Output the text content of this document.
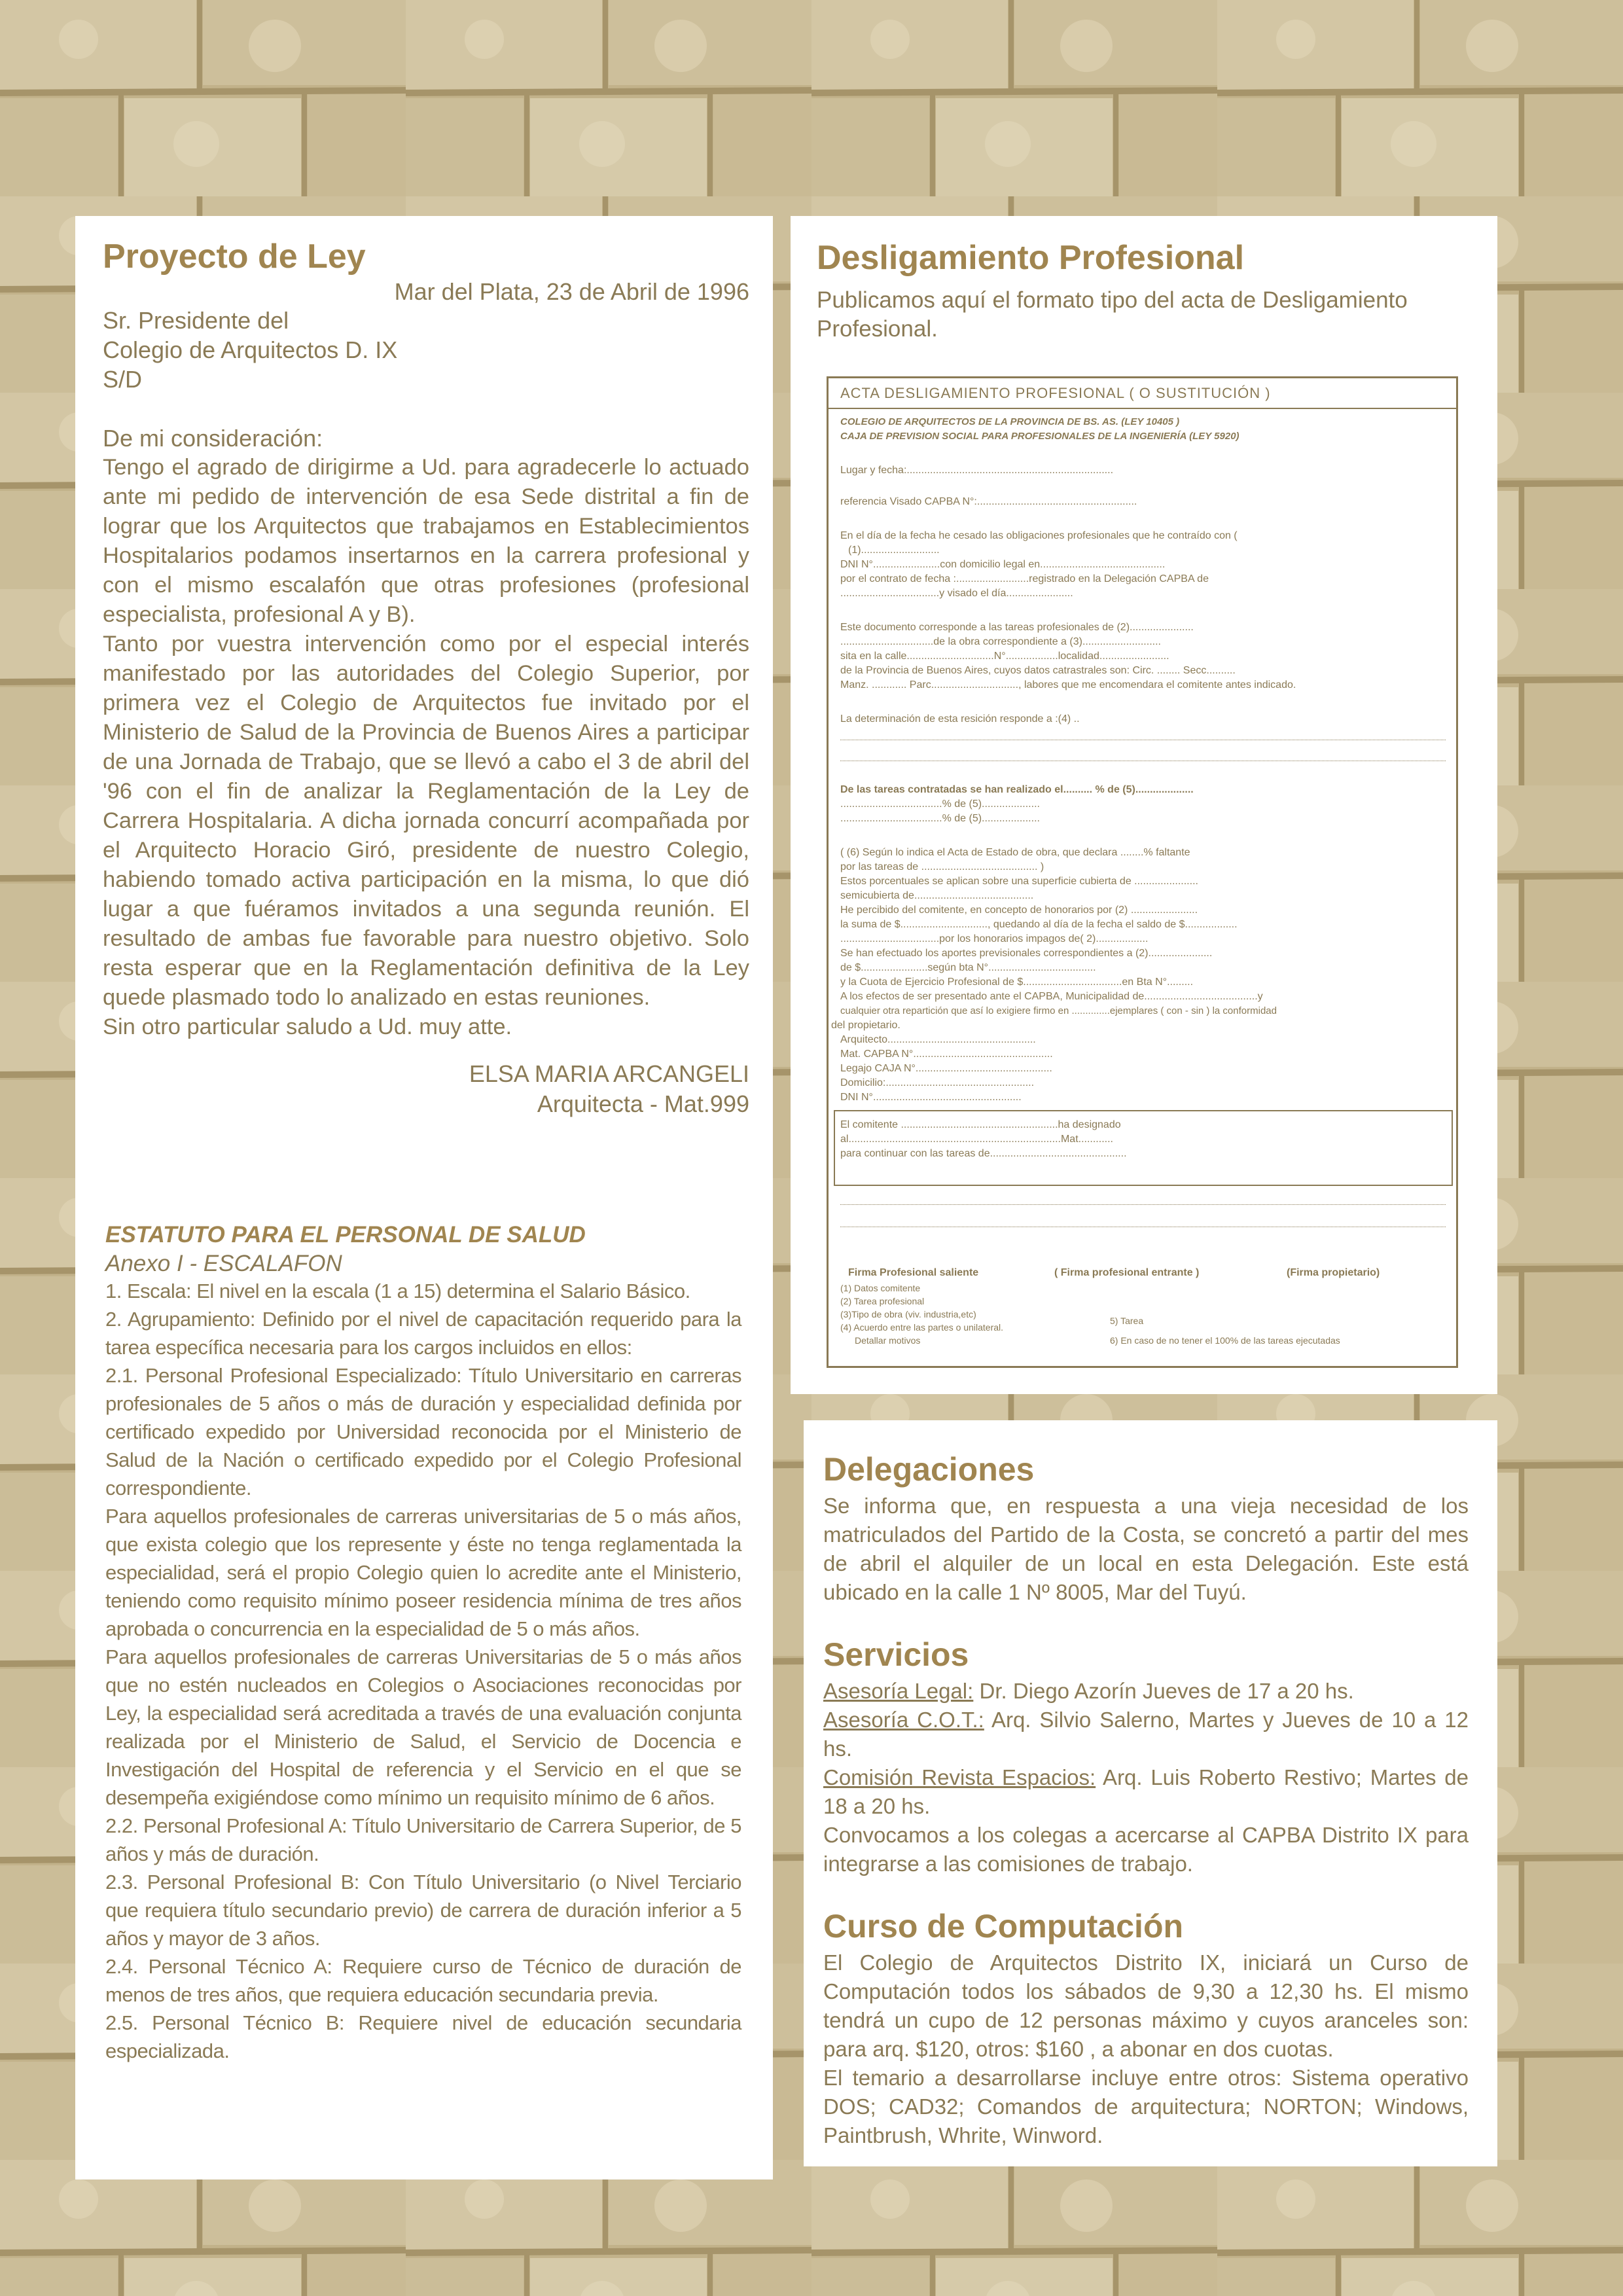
Proyecto de Ley
Mar del Plata, 23 de Abril de 1996
Sr. Presidente del
Colegio de Arquitectos D. IX
S/D
De mi consideración:

Tengo el agrado de dirigirme a Ud. para agradecerle lo actuado ante mi pedido de intervención de esa Sede distrital a fin de lograr que los Arquitectos que trabajamos en Establecimientos Hospitalarios podamos insertarnos en la carrera profesional y con el mismo escalafón que otras profesiones (profesional especialista, profesional A y B).

Tanto por vuestra intervención como por el especial interés manifestado por las autoridades del Colegio Superior, por primera vez el Colegio de Arquitectos fue invitado por el Ministerio de Salud de la Provincia de Buenos Aires a participar de una Jornada de Trabajo, que se llevó a cabo el 3 de abril del '96 con el fin de analizar la Reglamentación de la Ley de Carrera Hospitalaria. A dicha jornada concurrí acompañada por el Arquitecto Horacio Giró, presidente de nuestro Colegio, habiendo tomado activa participación en la misma, lo que dió lugar a que fuéramos invitados a una segunda reunión. El resultado de ambas fue favorable para nuestro objetivo. Solo resta esperar que en la Reglamentación definitiva de la Ley quede plasmado todo lo analizado en estas reuniones.

Sin otro particular saludo a Ud. muy atte.

ELSA MARIA ARCANGELI
Arquitecta - Mat.999
ESTATUTO PARA EL PERSONAL DE SALUD
Anexo I - ESCALAFON

1. Escala: El nivel en la escala (1 a 15) determina el Salario Básico.

2. Agrupamiento: Definido por el nivel de capacitación requerido para la tarea específica necesaria para los cargos incluidos en ellos:

2.1. Personal Profesional Especializado: Título Universitario en carreras profesionales de 5 años o más de duración y especialidad definida por certificado expedido por Universidad reconocida por el Ministerio de Salud de la Nación o certificado expedido por el Colegio Profesional correspondiente.

Para aquellos profesionales de carreras universitarias de 5 o más años, que exista colegio que los represente y éste no tenga reglamentada la especialidad, será el propio Colegio quien lo acredite ante el Ministerio, teniendo como requisito mínimo poseer residencia mínima de tres años aprobada o concurrencia en la especialidad de 5 o más años.

Para aquellos profesionales de carreras Universitarias de 5 o más años que no estén nucleados en Colegios o Asociaciones reconocidas por Ley, la especialidad será acreditada a través de una evaluación conjunta realizada por el Ministerio de Salud, el Servicio de Docencia e Investigación del Hospital de referencia y el Servicio en el que se desempeña exigiéndose como mínimo un requisito mínimo de 6 años.

2.2. Personal Profesional A: Título Universitario de Carrera Superior, de 5 años y más de duración.

2.3. Personal Profesional B: Con Título Universitario (o Nivel Terciario que requiera título secundario previo) de carrera de duración inferior a 5 años y mayor de 3 años.

2.4. Personal Técnico A: Requiere curso de Técnico de duración de menos de tres años, que requiera educación secundaria previa.

2.5. Personal Técnico B: Requiere nivel de educación secundaria especializada.

Desligamiento Profesional
Publicamos aquí el formato tipo del acta de Desligamiento Profesional.
ACTA DESLIGAMIENTO PROFESIONAL ( O SUSTITUCIÓN )
COLEGIO DE ARQUITECTOS DE LA PROVINCIA DE BS. AS. (LEY 10405 )
CAJA DE PREVISION SOCIAL PARA PROFESIONALES DE LA INGENIERÍA (LEY 5920)
Lugar y fecha:.......................................................................
referencia Visado CAPBA N°:.......................................................
En el día de la fecha he cesado las obligaciones profesionales que he contraído con (
(1)...........................
DNI N°.......................con domicilio legal en...........................................
por el contrato de fecha :.........................registrado en la Delegación CAPBA de
..................................y visado el día.......................
Este documento corresponde a las tareas profesionales de (2)......................
................................de la obra correspondiente a (3)...........................
sita en la calle..............................N°..................localidad........................
de la Provincia de Buenos Aires, cuyos datos catrastrales son: Circ. ........ Secc..........
Manz. ............ Parc.............................., labores que me encomendara el comitente antes indicado.
La determinación de esta resición responde a :(4) ..
De las tareas contratadas se han realizado el.......... % de (5)....................
...................................% de (5)....................
...................................% de (5)....................
( (6) Según lo indica el Acta de Estado de obra, que declara ........% faltante
por las tareas de ........................................ )
Estos porcentuales se aplican sobre una superficie cubierta de ......................
semicubierta de.........................................
He percibido del comitente, en concepto de honorarios por (2) .......................
la suma de $.............................., quedando al día de la fecha el saldo de $..................
..................................por los honorarios impagos de( 2)..................
Se han efectuado los aportes previsionales correspondientes a (2)......................
de $.......................según bta N°.....................................
y la Cuota de Ejercicio Profesional de $..................................en Bta N°.........
A los efectos de ser presentado ante el CAPBA, Municipalidad de.......................................y
cualquier otra repartición que así lo exigiere firmo en ..............ejemplares ( con - sin ) la conformidad
del propietario.
Arquitecto...................................................
Mat. CAPBA N°................................................
Legajo CAJA N°...............................................
Domicilio:...................................................
DNI N°...................................................
El comitente ......................................................ha designado
al.........................................................................Mat............
para continuar con las tareas de...............................................
Firma Profesional saliente	( Firma profesional entrante )	(Firma propietario)
(1) Datos comitente
(2) Tarea profesional
(3)Tipo de obra (viv. industria,etc)
(4) Acuerdo entre las partes o unilateral.
Detallar motivos
5) Tarea
6) En caso de no tener el 100% de las tareas ejecutadas
Delegaciones

Se informa que, en respuesta a una vieja necesidad de los matriculados del Partido de la Costa, se concretó a partir del mes de abril el alquiler de un local en esta Delegación. Este está ubicado en la calle 1 Nº 8005, Mar del Tuyú.

Servicios
Asesoría Legal: Dr. Diego Azorín Jueves de 17 a 20 hs.
Asesoría C.O.T.: Arq. Silvio Salerno, Martes y Jueves de 10 a 12 hs.
Comisión Revista Espacios: Arq. Luis Roberto Restivo; Martes de 18 a 20 hs.
Convocamos a los colegas a acercarse al CAPBA Distrito IX para integrarse a las comisiones de trabajo.
Curso de Computación

El Colegio de Arquitectos Distrito IX, iniciará un Curso de Computación todos los sábados de 9,30 a 12,30 hs. El mismo tendrá un cupo de 12 personas máximo y cuyos aranceles son: para arq. $120, otros: $160 , a abonar en dos cuotas.

El temario a desarrollarse incluye entre otros: Sistema operativo DOS; CAD32; Comandos de arquitectura; NORTON; Windows, Paintbrush, Whrite, Winword.
